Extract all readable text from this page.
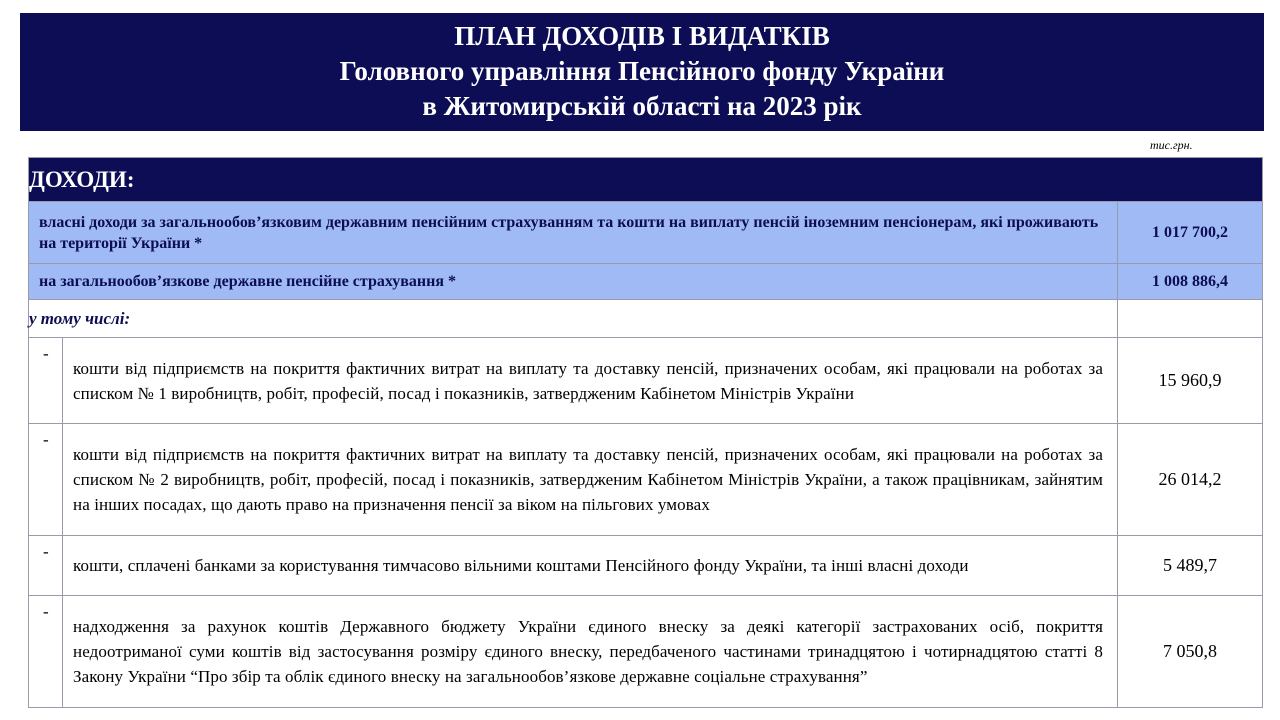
ПЛАН ДОХОДІВ І ВИДАТКІВ
Головного управління Пенсійного фонду України
в Житомирській області на 2023 рік
тис.грн.
ДОХОДИ:		
власні доходи за загальнообов’язковим державним пенсійним страхуванням та кошти на виплату пенсій іноземним пенсіонерам, які проживають на території України *		1 017 700,2
на загальнообов’язкове державне пенсійне страхування *		1 008 886,4
у тому числі:		
-	кошти від підприємств на покриття фактичних витрат на виплату та доставку пенсій, призначених особам, які працювали на роботах за списком № 1 виробництв, робіт, професій, посад і показників, затвердженим Кабінетом Міністрів України	15 960,9
-	кошти від підприємств на покриття фактичних витрат на виплату та доставку пенсій, призначених особам, які працювали на роботах за списком № 2 виробництв, робіт, професій, посад і показників, затвердженим Кабінетом Міністрів України, а також працівникам, зайнятим на інших посадах, що дають право на призначення пенсії за віком на пільгових умовах	26 014,2
-	кошти, сплачені банками за користування тимчасово вільними коштами Пенсійного фонду України, та інші власні доходи	5 489,7
-	надходження за рахунок коштів Державного бюджету України єдиного внеску за деякі категорії застрахованих осіб, покриття недоотриманої суми коштів від застосування розміру єдиного внеску, передбаченого частинами тринадцятою і чотирнадцятою статті 8 Закону України “Про збір та облік єдиного внеску на загальнообов’язкове державне соціальне страхування”	7 050,8
